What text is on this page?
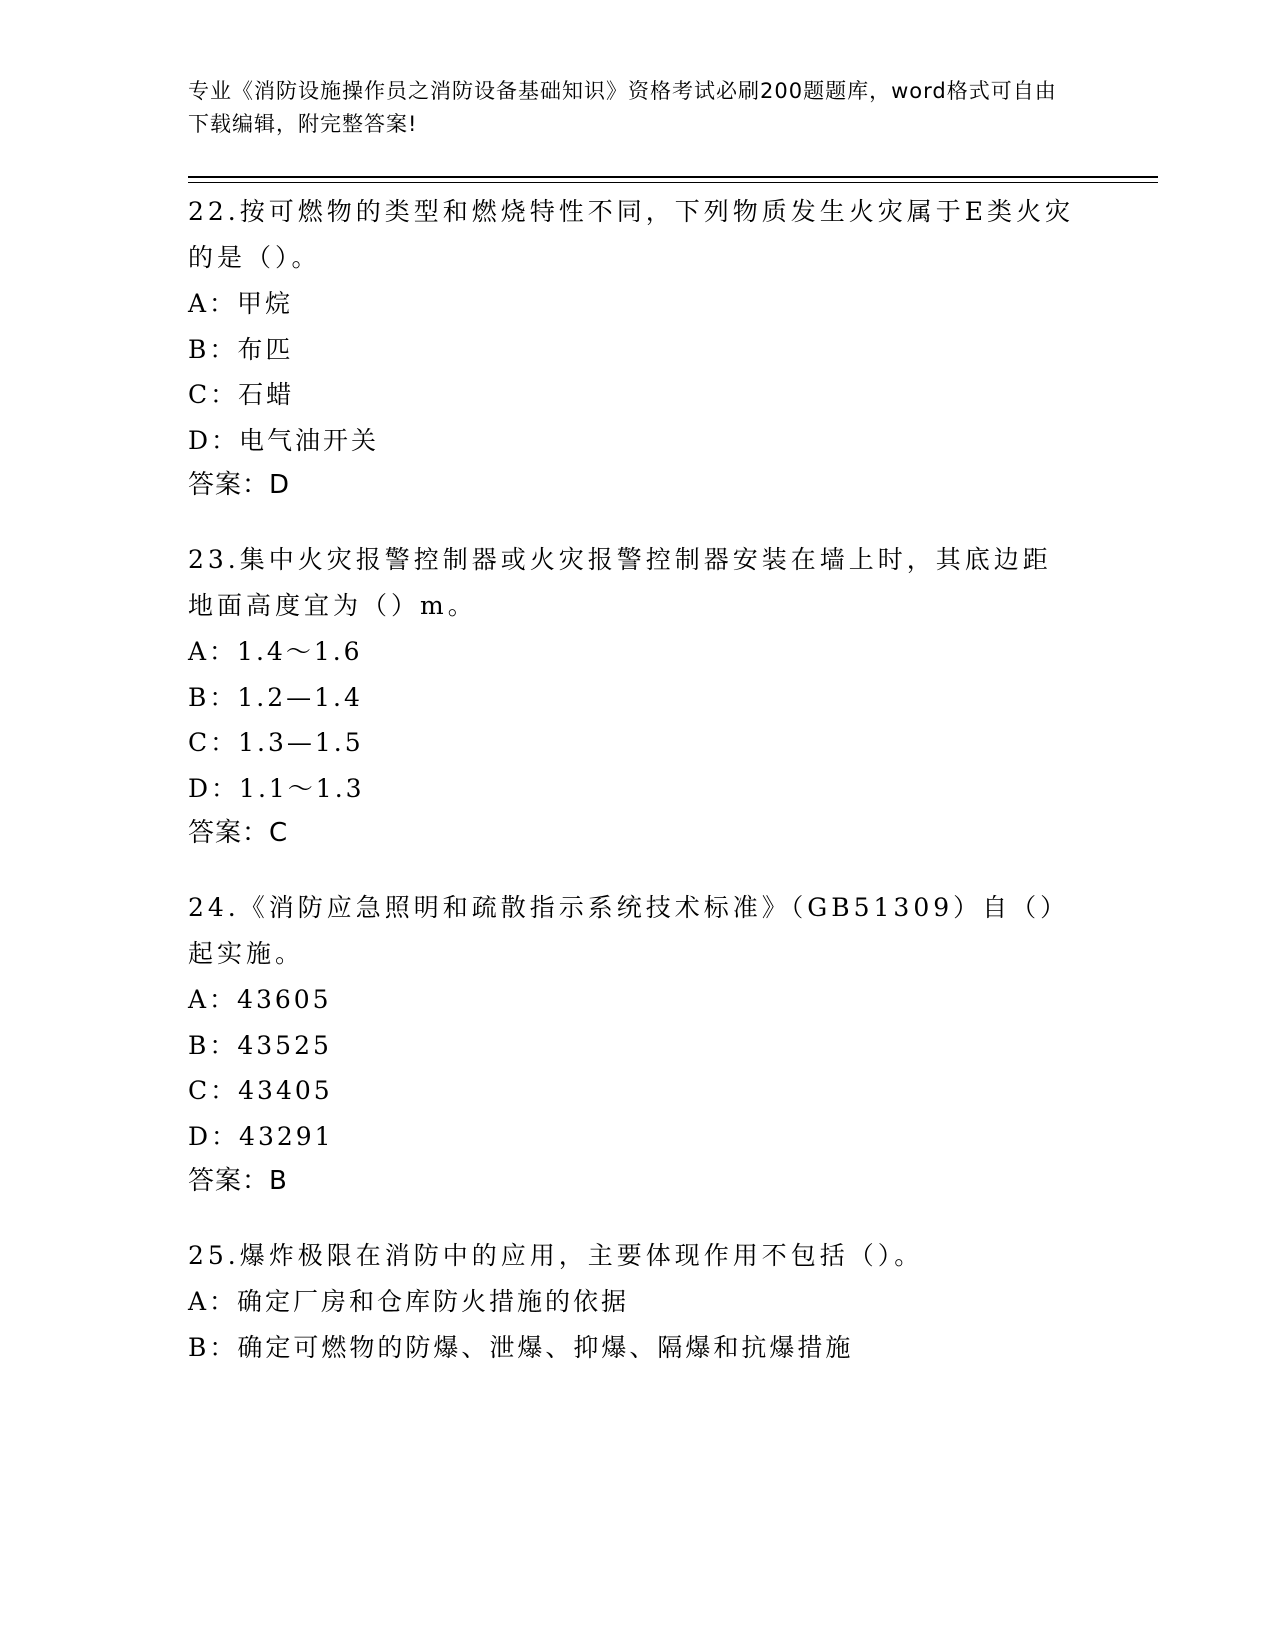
专业《消防设施操作员之消防设备基础知识》资格考试必刷200题题库，word格式可自由下载编辑，附完整答案!
22.按可燃物的类型和燃烧特性不同，下列物质发生火灾属于E类火灾的是（）。
A：甲烷
B：布匹
C：石蜡
D：电气油开关
答案：D
23.集中火灾报警控制器或火灾报警控制器安装在墙上时，其底边距地面高度宜为（）m。
A：1.4～1.6
B：1.2—1.4
C：1.3—1.5
D：1.1～1.3
答案：C
24.《消防应急照明和疏散指示系统技术标准》（GB51309）自（）起实施。
A：43605
B：43525
C：43405
D：43291
答案：B
25.爆炸极限在消防中的应用，主要体现作用不包括（）。
A：确定厂房和仓库防火措施的依据
B：确定可燃物的防爆、泄爆、抑爆、隔爆和抗爆措施
